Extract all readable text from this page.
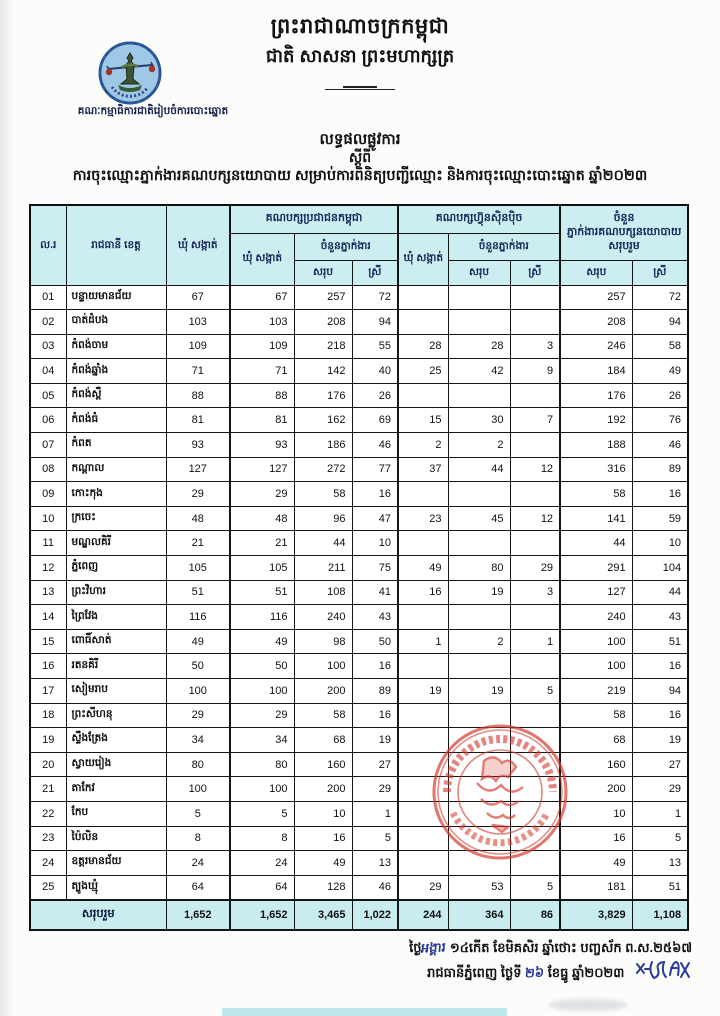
ព្រះរាជាណាចក្រកម្ពុជា
ជាតិ សាសនា ព្រះមហាក្សត្រ
គណៈកម្មាធិការជាតិរៀបចំការបោះឆ្នោត
លទ្ធផលផ្លូវការ
ស្តីពី
ការចុះឈ្មោះភ្នាក់ងារគណបក្សនយោបាយ សម្រាប់ការពិនិត្យបញ្ជីឈ្មោះ និងការចុះឈ្មោះបោះឆ្នោត ឆ្នាំ២០២៣
ល.រ	រាជធានី ខេត្ត	ឃុំ សង្កាត់	គណបក្សប្រជាជនកម្ពុជា			គណបក្សហ៊្វុនស៊ិនប៉ិច			ចំនួន
ភ្នាក់ងារគណបក្សនយោបាយ
សរុបរួម	
			ឃុំ សង្កាត់	ចំនួនភ្នាក់ងារ		ឃុំ សង្កាត់	ចំនួនភ្នាក់ងារ			
				សរុប	ស្រី		សរុប	ស្រី	សរុប	ស្រី
01	បន្ទាយមានជ័យ	67	67	257	72				257	72
02	បាត់ដំបង	103	103	208	94				208	94
03	កំពង់ចាម	109	109	218	55	28	28	3	246	58
04	កំពង់ឆ្នាំង	71	71	142	40	25	42	9	184	49
05	កំពង់ស្ពឺ	88	88	176	26				176	26
06	កំពង់ធំ	81	81	162	69	15	30	7	192	76
07	កំពត	93	93	186	46	2	2		188	46
08	កណ្តាល	127	127	272	77	37	44	12	316	89
09	កោះកុង	29	29	58	16				58	16
10	ក្រចេះ	48	48	96	47	23	45	12	141	59
11	មណ្ឌលគិរី	21	21	44	10				44	10
12	ភ្នំពេញ	105	105	211	75	49	80	29	291	104
13	ព្រះវិហារ	51	51	108	41	16	19	3	127	44
14	ព្រៃវែង	116	116	240	43				240	43
15	ពោធិ៍សាត់	49	49	98	50	1	2	1	100	51
16	រតនគិរី	50	50	100	16				100	16
17	សៀមរាប	100	100	200	89	19	19	5	219	94
18	ព្រះសីហនុ	29	29	58	16				58	16
19	ស្ទឹងត្រែង	34	34	68	19				68	19
20	ស្វាយរៀង	80	80	160	27				160	27
21	តាកែវ	100	100	200	29				200	29
22	កែប	5	5	10	1				10	1
23	ប៉ៃលិន	8	8	16	5				16	5
24	ឧត្តរមានជ័យ	24	24	49	13				49	13
25	ត្បូងឃ្មុំ	64	64	128	46	29	53	5	181	51
សរុបរួម		1,652	1,652	3,465	1,022	244	364	86	3,829	1,108
ថ្ងៃអង្គារ ១៤កើត ខែមិគសិរ ឆ្នាំថោះ បញ្ចស័ក ព.ស.២៥៦៧
រាជធានីភ្នំពេញ ថ្ងៃទី ២៦ ខែធ្នូ ឆ្នាំ២០២៣
